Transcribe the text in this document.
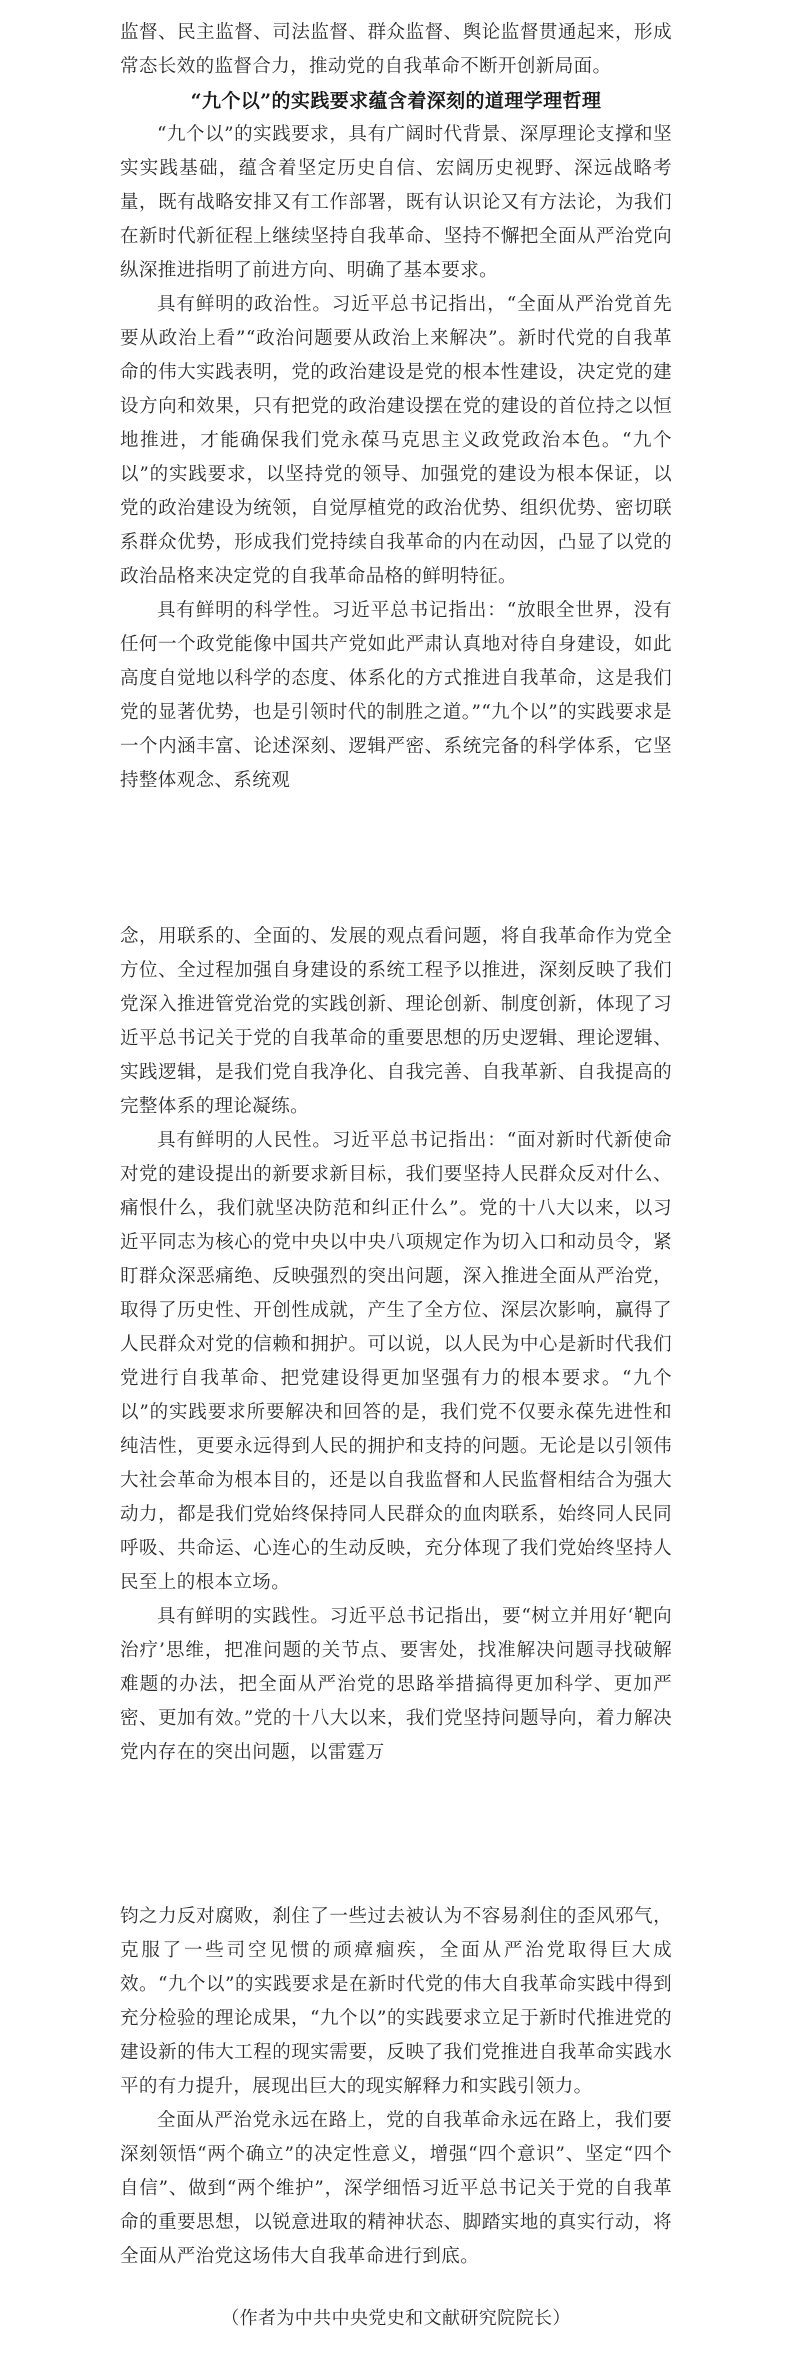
监督、民主监督、司法监督、群众监督、舆论监督贯通起来，形成常态长效的监督合力，推动党的自我革命不断开创新局面。

“九个以”的实践要求蕴含着深刻的道理学理哲理

“九个以”的实践要求，具有广阔时代背景、深厚理论支撑和坚实实践基础，蕴含着坚定历史自信、宏阔历史视野、深远战略考量，既有战略安排又有工作部署，既有认识论又有方法论，为我们在新时代新征程上继续坚持自我革命、坚持不懈把全面从严治党向纵深推进指明了前进方向、明确了基本要求。

具有鲜明的政治性。习近平总书记指出，“全面从严治党首先要从政治上看”“政治问题要从政治上来解决”。新时代党的自我革命的伟大实践表明，党的政治建设是党的根本性建设，决定党的建设方向和效果，只有把党的政治建设摆在党的建设的首位持之以恒地推进，才能确保我们党永葆马克思主义政党政治本色。“九个以”的实践要求，以坚持党的领导、加强党的建设为根本保证，以党的政治建设为统领，自觉厚植党的政治优势、组织优势、密切联系群众优势，形成我们党持续自我革命的内在动因，凸显了以党的政治品格来决定党的自我革命品格的鲜明特征。

具有鲜明的科学性。习近平总书记指出：“放眼全世界，没有任何一个政党能像中国共产党如此严肃认真地对待自身建设，如此高度自觉地以科学的态度、体系化的方式推进自我革命，这是我们党的显著优势，也是引领时代的制胜之道。”“九个以”的实践要求是一个内涵丰富、论述深刻、逻辑严密、系统完备的科学体系，它坚持整体观念、系统观

念，用联系的、全面的、发展的观点看问题，将自我革命作为党全方位、全过程加强自身建设的系统工程予以推进，深刻反映了我们党深入推进管党治党的实践创新、理论创新、制度创新，体现了习近平总书记关于党的自我革命的重要思想的历史逻辑、理论逻辑、实践逻辑，是我们党自我净化、自我完善、自我革新、自我提高的完整体系的理论凝练。

具有鲜明的人民性。习近平总书记指出：“面对新时代新使命对党的建设提出的新要求新目标，我们要坚持人民群众反对什么、痛恨什么，我们就坚决防范和纠正什么”。党的十八大以来，以习近平同志为核心的党中央以中央八项规定作为切入口和动员令，紧盯群众深恶痛绝、反映强烈的突出问题，深入推进全面从严治党，取得了历史性、开创性成就，产生了全方位、深层次影响，赢得了人民群众对党的信赖和拥护。可以说，以人民为中心是新时代我们党进行自我革命、把党建设得更加坚强有力的根本要求。“九个以”的实践要求所要解决和回答的是，我们党不仅要永葆先进性和纯洁性，更要永远得到人民的拥护和支持的问题。无论是以引领伟大社会革命为根本目的，还是以自我监督和人民监督相结合为强大动力，都是我们党始终保持同人民群众的血肉联系，始终同人民同呼吸、共命运、心连心的生动反映，充分体现了我们党始终坚持人民至上的根本立场。

具有鲜明的实践性。习近平总书记指出，要“树立并用好‘靶向治疗’思维，把准问题的关节点、要害处，找准解决问题寻找破解难题的办法，把全面从严治党的思路举措搞得更加科学、更加严密、更加有效。”党的十八大以来，我们党坚持问题导向，着力解决党内存在的突出问题，以雷霆万

钧之力反对腐败，刹住了一些过去被认为不容易刹住的歪风邪气，克服了一些司空见惯的顽瘴痼疾，全面从严治党取得巨大成效。“九个以”的实践要求是在新时代党的伟大自我革命实践中得到充分检验的理论成果，“九个以”的实践要求立足于新时代推进党的建设新的伟大工程的现实需要，反映了我们党推进自我革命实践水平的有力提升，展现出巨大的现实解释力和实践引领力。

全面从严治党永远在路上，党的自我革命永远在路上，我们要深刻领悟“两个确立”的决定性意义，增强“四个意识”、坚定“四个自信”、做到“两个维护”，深学细悟习近平总书记关于党的自我革命的重要思想，以锐意进取的精神状态、脚踏实地的真实行动，将全面从严治党这场伟大自我革命进行到底。

（作者为中共中央党史和文献研究院院长）
